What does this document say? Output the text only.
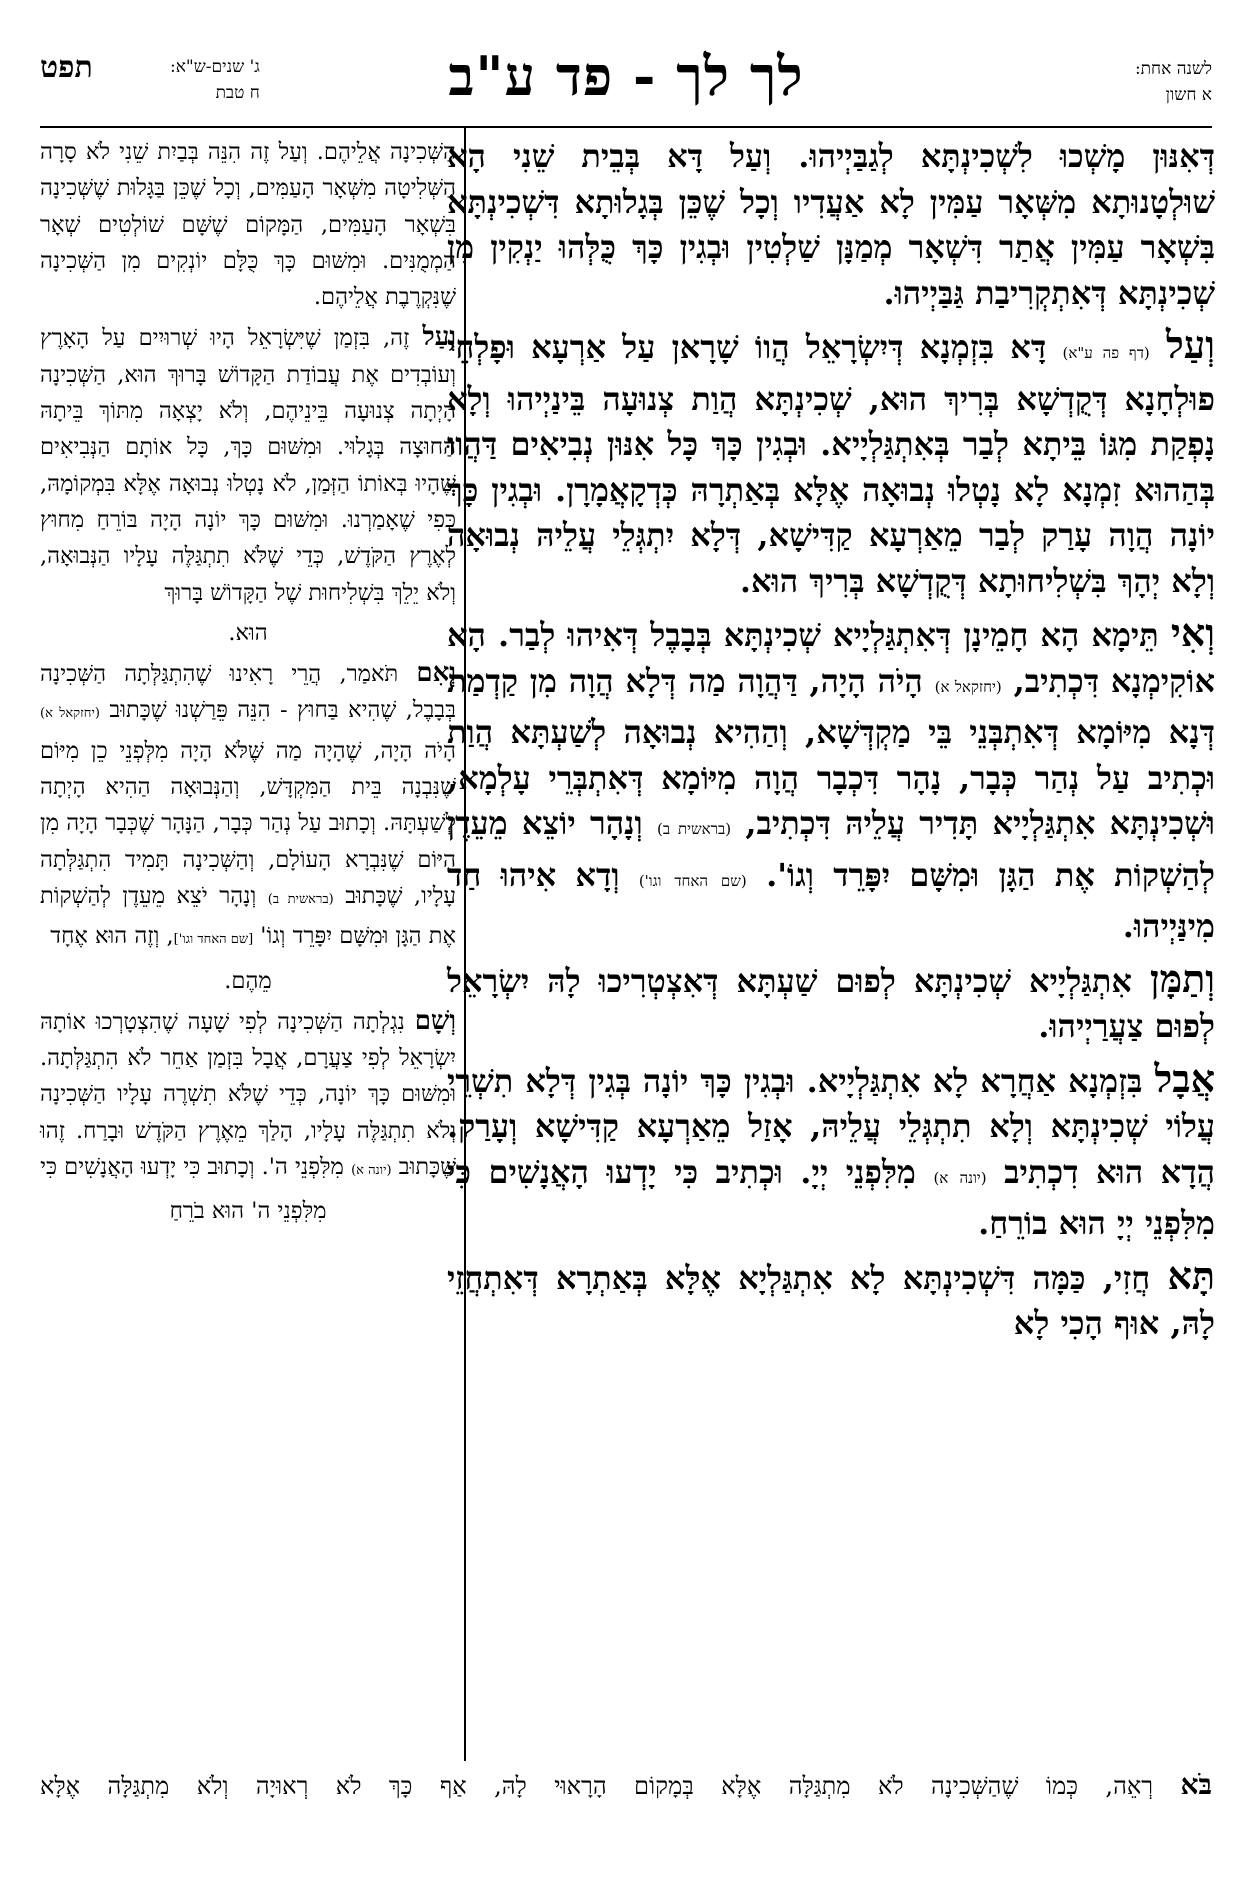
לשנה אחת:
א חשון
לך לך - פד ע"ב
ג' שנים-ש"א:
ח טבת
תפט

דְּאִנּוּן מָשְׁכוּ לִשְׁכִינְתָּא לְגַבַּיְיהוּ. וְעַל דָּא בְּבֵית שֵׁנִי הָא שׁוּלְטָנוּתָא מִשְּׁאָר עַמִּין לָא אַעֲדִיו וְכָל שֶׁכֵּן בְּגָלוּתָא דִּשְׁכִינְתָּא בִּשְׁאָר עַמִּין אֲתַר דִּשְׁאָר מְמַנָּן שַׁלְטִין וּבְגִין כָּךְ כֻּלְּהוּ יַנְקִין מִן שְׁכִינְתָּא דְּאִתְקְרִיבַת גַּבַּיְיהוּ.

וְעַל (דף פה ע"א) דָּא בִּזְמְנָא דְּיִשְׂרָאֵל הֲווֹ שָׁרָאן עַל אַרְעָא וּפָלְחֵי פוּלְחָנָא דְּקֻדְשָׁא בְּרִיךְ הוּא, שְׁכִינְתָּא הֲוַת צְנוּעָה בֵּינַיְיהוּ וְלָא נָפְקַת מִגּוֹ בֵּיתָא לְבַר בְּאִתְגַּלְיָיא. וּבְגִין כָּךְ כָּל אִנּוּן נְבִיאִים דַּהֲווּ בְּהַהוּא זִמְנָא לָא נָטְלוּ נְבוּאָה אֶלָּא בְּאַתְרָהּ כְּדְקָאֲמָרָן. וּבְגִין כָּךְ יוֹנָה הֲוָה עָרַק לְבַר מֵאַרְעָא קַדִּישָׁא, דְּלָא יִתְגְּלֵי עֲלֵיהּ נְבוּאָה וְלָא יְהָךְ בִּשְׁלִיחוּתָא דְּקֻדְשָׁא בְּרִיךְ הוּא.

וְאִי תֵּימָא הָא חָמֵינָן דְּאִתְגַּלְיָיא שְׁכִינְתָּא בְּבָבֶל דְּאִיהוּ לְבַר. הָא אוֹקִימְנָא דִּכְתִיב, (יחזקאל א) הָיֹה הָיָה, דַּהֲוָה מַה דְּלָא הֲוָה מִן קַדְמַת דְּנָא מִיּוֹמָא דְּאִתְבְּנֵי בֵּי מַקְדְּשָׁא, וְהַהִיא נְבוּאָה לְשַׁעְתָּא הֲוַת וּכְתִיב עַל נְהַר כְּבָר, נָהָר דִּכְבָר הֲוָה מִיּוֹמָא דְּאִתְבְּרֵי עָלְמָא, וּשְׁכִינְתָּא אִתְגַּלְיָיא תָּדִיר עֲלֵיהּ דִּכְתִיב, (בראשית ב) וְנָהָר יוֹצֵא מֵעֵדֶן לְהַשְׁקוֹת אֶת הַגָּן וּמִשָּׁם יִפָּרֵד וְגוֹ'. (שם האחד וגו') וְדָא אִיהוּ חַד מִינַּיְיהוּ.

וְתַמָּן אִתְגַּלְיָיא שְׁכִינְתָּא לְפוּם שַׁעְתָּא דְּאִצְטְרִיכוּ לָהּ יִשְׂרָאֵל לְפוּם צַעֲרַיְיהוּ.

אֲבָל בִּזְמְנָא אַחֲרָא לָא אִתְגַּלְיָיא. וּבְגִין כָּךְ יוֹנָה בְּגִין דְּלָא תִשְׁרֵי עֲלוֹי שְׁכִינְתָּא וְלָא תִתְגְּלֵי עֲלֵיהּ, אָזַל מֵאַרְעָא קַדִּישָׁא וְעָרַק. הֲדָא הוּא דִכְתִיב (יונה א) מִלִּפְנֵי יְיָ. וּכְתִיב כִּי יָדְעוּ הָאֲנָשִׁים כִּי מִלִּפְנֵי יְיָ הוּא בוֹרֵחַ.

תָּא חֲזִי, כַּמָּה דִּשְׁכִינְתָּא לָא אִתְגַּלְיָא אֶלָּא בְּאַתְרָא דְּאִתְחֲזֵי לָהּ, אוּף הָכִי לָא

הַשְּׁכִינָה אֲלֵיהֶם. וְעַל זֶה הִנֵּה בְּבַיִת שֵׁנִי לֹא סָרָה הַשְּׁלִיטָה מִשְּׁאָר הָעַמִּים, וְכָל שֶׁכֵּן בַּגָּלוּת שֶׁשְּׁכִינָה בִּשְׁאָר הָעַמִּים, הַמָּקוֹם שֶׁשָּׁם שׁוֹלְטִים שְׁאָר הַמְמֻנִּים. וּמִשּׁוּם כָּךְ כֻּלָּם יוֹנְקִים מִן הַשְּׁכִינָה שֶׁנִּקְרֶבֶת אֲלֵיהֶם.

וְעַל זֶה, בִּזְמַן שֶׁיִּשְׂרָאֵל הָיוּ שְׁרוּיִים עַל הָאָרֶץ וְעוֹבְדִים אֶת עֲבוֹדַת הַקָּדוֹשׁ בָּרוּךְ הוּא, הַשְּׁכִינָה הָיְתָה צְנוּעָה בֵּינֵיהֶם, וְלֹא יָצְאָה מִתּוֹךְ בֵּיתָהּ הַחוּצָה בְּגָלוּי. וּמִשּׁוּם כָּךְ, כָּל אוֹתָם הַנְּבִיאִים שֶׁהָיוּ בְּאוֹתוֹ הַזְּמַן, לֹא נָטְלוּ נְבוּאָה אֶלָּא בִּמְקוֹמָהּ, כְּפִי שֶׁאָמַרְנוּ. וּמִשּׁוּם כָּךְ יוֹנָה הָיָה בּוֹרֵחַ מִחוּץ לְאֶרֶץ הַקֹּדֶשׁ, כְּדֵי שֶׁלֹּא תִתְגַּלֶּה עָלָיו הַנְּבוּאָה, וְלֹא יֵלֵךְ בִּשְׁלִיחוּת שֶׁל הַקָּדוֹשׁ בָּרוּךְ

הוּא.

וְאִם תֹּאמַר, הֲרֵי רָאִינוּ שֶׁהִתְגַּלְּתָה הַשְּׁכִינָה בְּבָבֶל, שֶׁהִיא בַּחוּץ - הִנֵּה פֵּרַשְׁנוּ שֶׁכָּתוּב (יחזקאל א) הָיֹה הָיָה, שֶׁהָיָה מַה שֶּׁלֹּא הָיָה מִלְּפְנֵי כֵן מִיּוֹם שֶׁנִּבְנָה בֵּית הַמִּקְדָּשׁ, וְהַנְּבוּאָה הַהִיא הָיְתָה לְשַׁעְתָּהּ. וְכָתוּב עַל נְהַר כְּבָר, הַנָּהָר שֶׁכְּבָר הָיָה מִן הַיּוֹם שֶׁנִּבְרָא הָעוֹלָם, וְהַשְּׁכִינָה תָּמִיד הִתְגַּלְּתָה עָלָיו, שֶׁכָּתוּב (בראשית ב) וְנָהָר יֹצֵא מֵעֵדֶן לְהַשְׁקוֹת אֶת הַגָּן וּמִשָּׁם יִפָּרֵד וְגוֹ' [שם האחד וגו'], וְזֶה הוּא אֶחָד

מֵהֶם.

וְשָׁם נִגְלְתָה הַשְּׁכִינָה לְפִי שָׁעָה שֶׁהִצְטָרְכוּ אוֹתָהּ יִשְׂרָאֵל לְפִי צַעֲרָם, אֲבָל בִּזְמַן אַחֵר לֹא הִתְגַּלְּתָה. וּמִשּׁוּם כָּךְ יוֹנָה, כְּדֵי שֶׁלֹּא תִשְׁרֶה עָלָיו הַשְּׁכִינָה וְלֹא תִתְגַּלֶּה עָלָיו, הָלַךְ מֵאֶרֶץ הַקֹּדֶשׁ וּבָרַח. זֶהוּ שֶׁכָּתוּב (יונה א) מִלִּפְנֵי ה'. וְכָתוּב כִּי יָדְעוּ הָאֲנָשִׁים כִּי

מִלִּפְנֵי ה' הוּא בֹרֵחַ

בֹּא רְאֵה, כְּמוֹ שֶׁהַשְּׁכִינָה לֹא מִתְגַּלָּה אֶלָּא בְּמָקוֹם הָרָאוּי לָהּ, אַף כָּךְ לֹא רְאוּיָה וְלֹא מִתְגַּלָּה אֶלָּא
